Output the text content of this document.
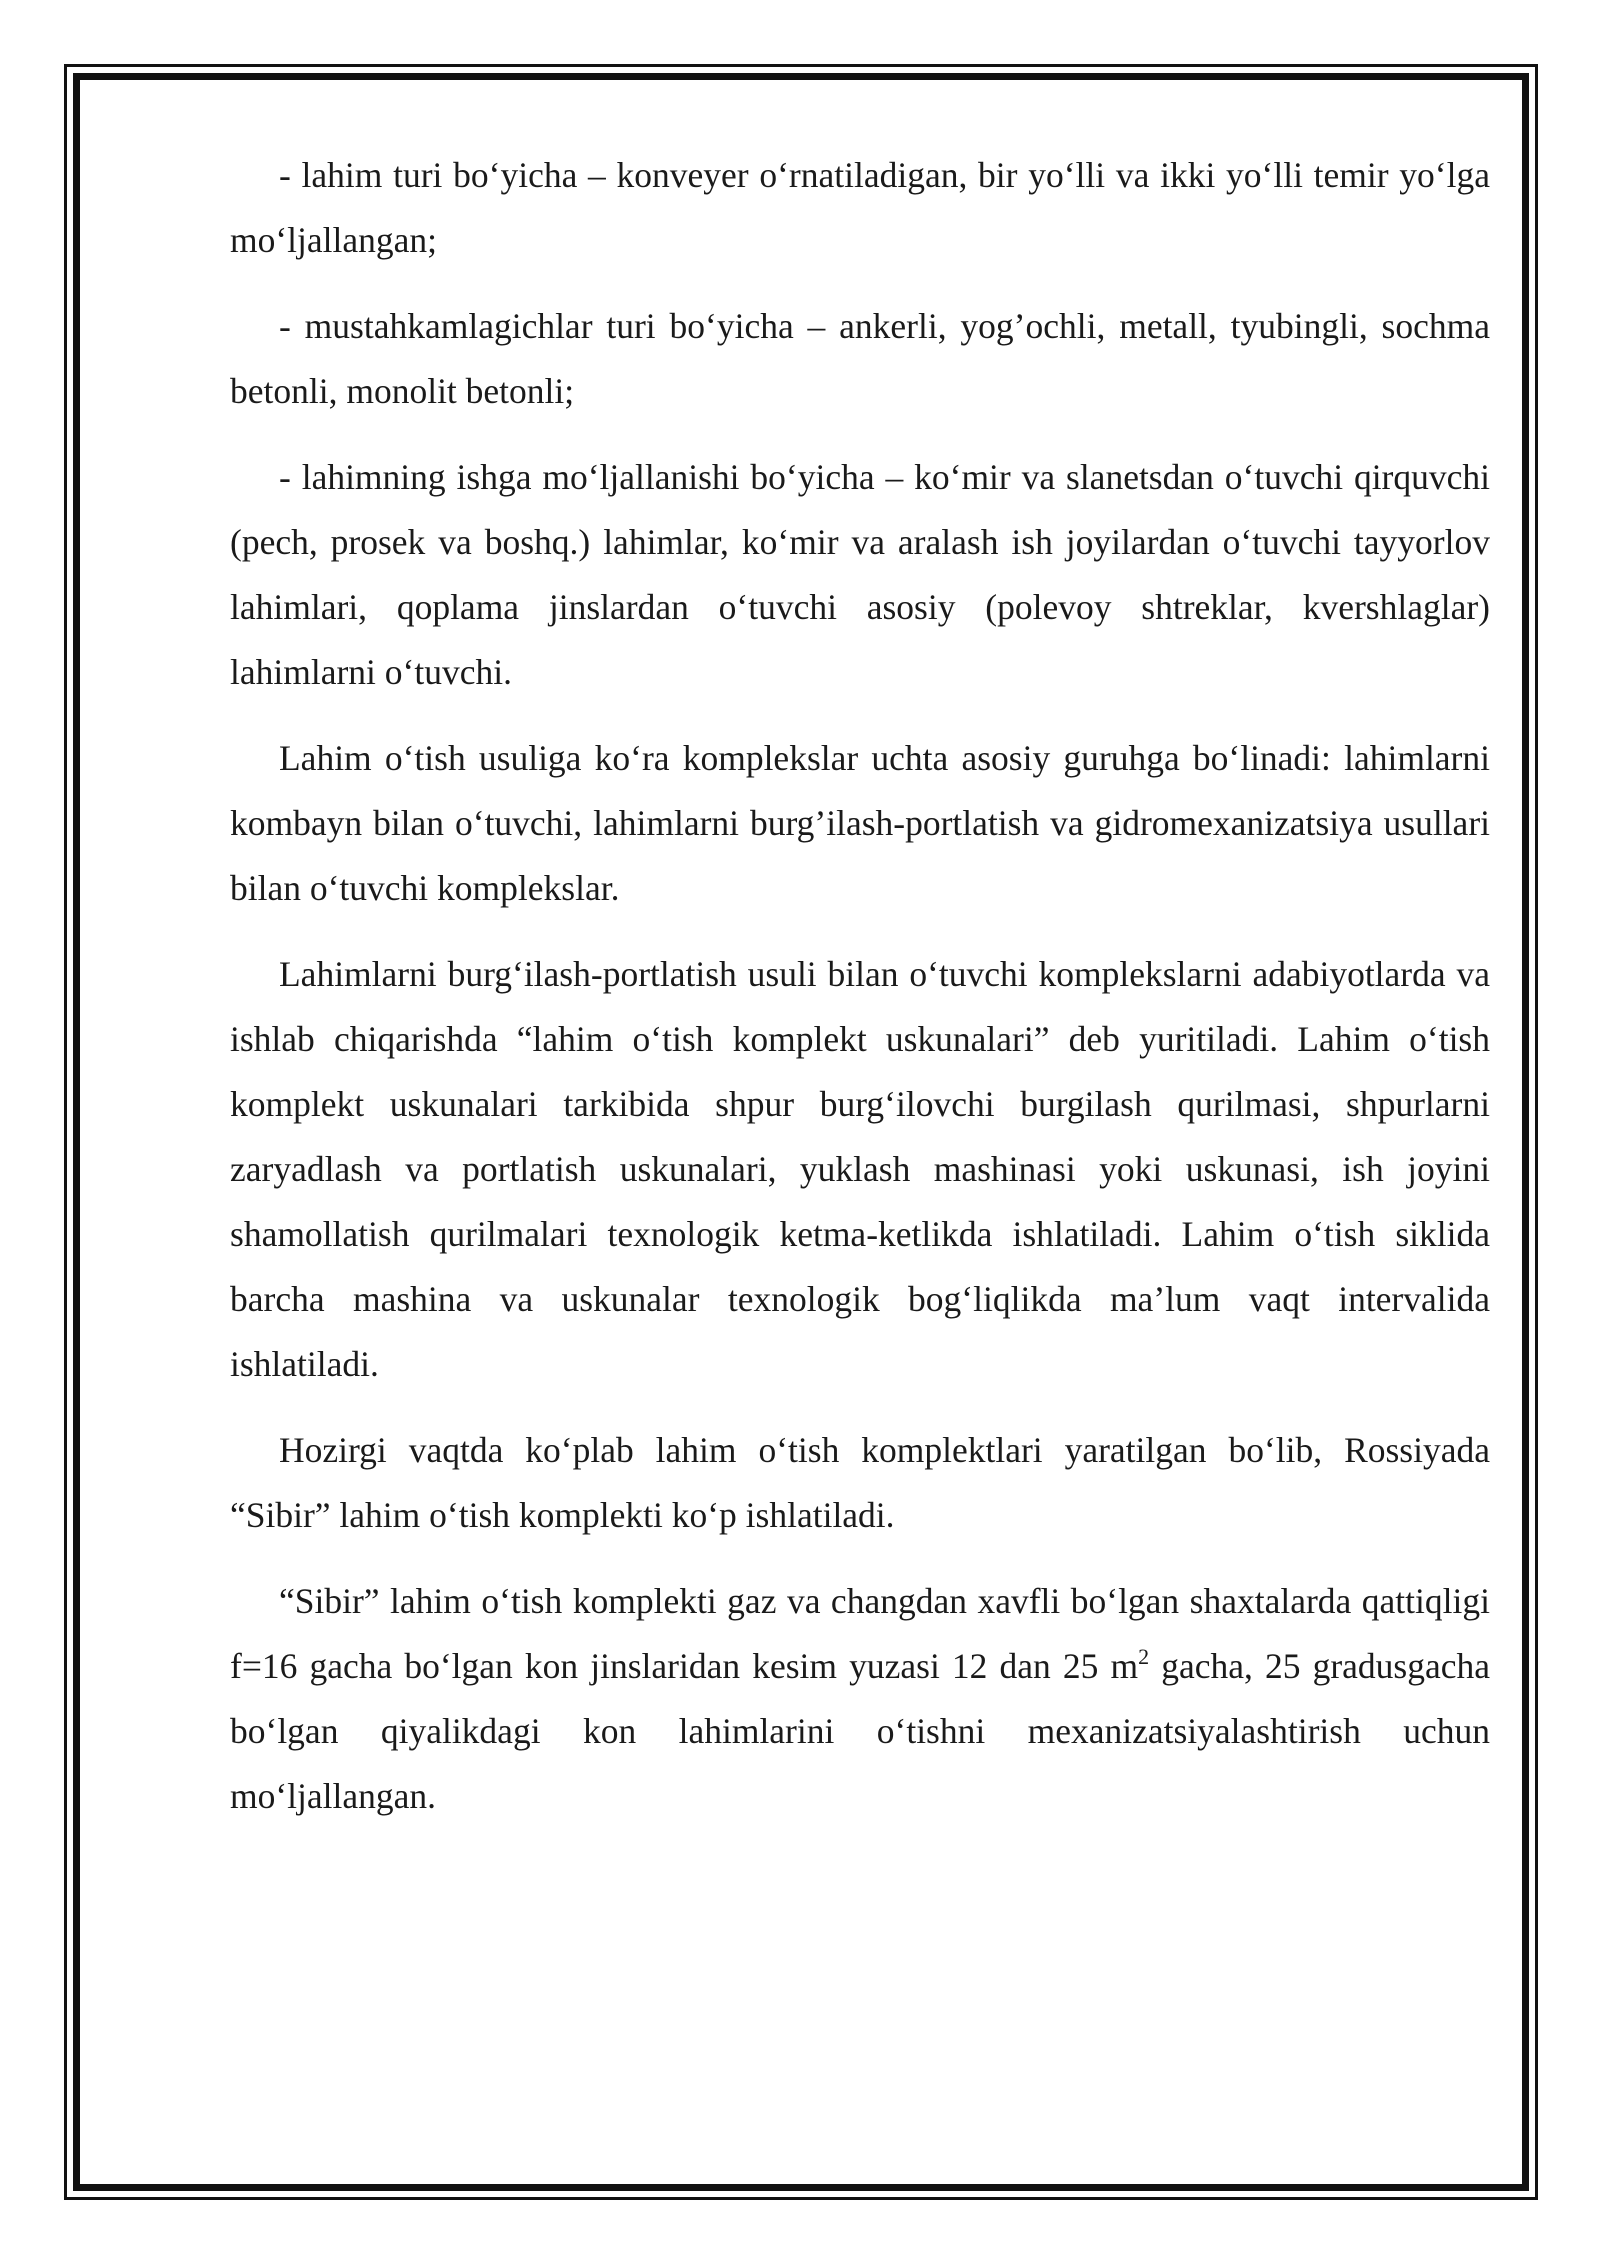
- lahim turi bo‘yicha – konveyer o‘rnatiladigan, bir yo‘lli va ikki yo‘lli temir yo‘lga mo‘ljallangan;

- mustahkamlagichlar turi bo‘yicha – ankerli, yog’ochli, metall, tyubingli, sochma betonli, monolit betonli;

- lahimning ishga mo‘ljallanishi bo‘yicha – ko‘mir va slanetsdan o‘tuvchi qirquvchi (pech, prosek va boshq.) lahimlar, ko‘mir va aralash ish joyilardan o‘tuvchi tayyorlov lahimlari, qoplama jinslardan o‘tuvchi asosiy (polevoy shtreklar, kvershlaglar) lahimlarni o‘tuvchi.

Lahim o‘tish usuliga ko‘ra komplekslar uchta asosiy guruhga bo‘linadi: lahimlarni kombayn bilan o‘tuvchi, lahimlarni burg’ilash-portlatish va gidromexanizatsiya usullari bilan o‘tuvchi komplekslar.

Lahimlarni burg‘ilash-portlatish usuli bilan o‘tuvchi komplekslarni adabiyotlarda va ishlab chiqarishda “lahim o‘tish komplekt uskunalari” deb yuritiladi. Lahim o‘tish komplekt uskunalari tarkibida shpur burg‘ilovchi burgilash qurilmasi, shpurlarni zaryadlash va portlatish uskunalari, yuklash mashinasi yoki uskunasi, ish joyini shamollatish qurilmalari texnologik ketma-ketlikda ishlatiladi. Lahim o‘tish siklida barcha mashina va uskunalar texnologik bog‘liqlikda ma’lum vaqt intervalida ishlatiladi.

Hozirgi vaqtda ko‘plab lahim o‘tish komplektlari yaratilgan bo‘lib, Rossiyada “Sibir” lahim o‘tish komplekti ko‘p ishlatiladi.

“Sibir” lahim o‘tish komplekti gaz va changdan xavfli bo‘lgan shaxtalarda qattiqligi f=16 gacha bo‘lgan kon jinslaridan kesim yuzasi 12 dan 25 $m^2$ gacha, 25 gradusgacha bo‘lgan qiyalikdagi kon lahimlarini o‘tishni mexanizatsiyalashtirish uchun mo‘ljallangan.
